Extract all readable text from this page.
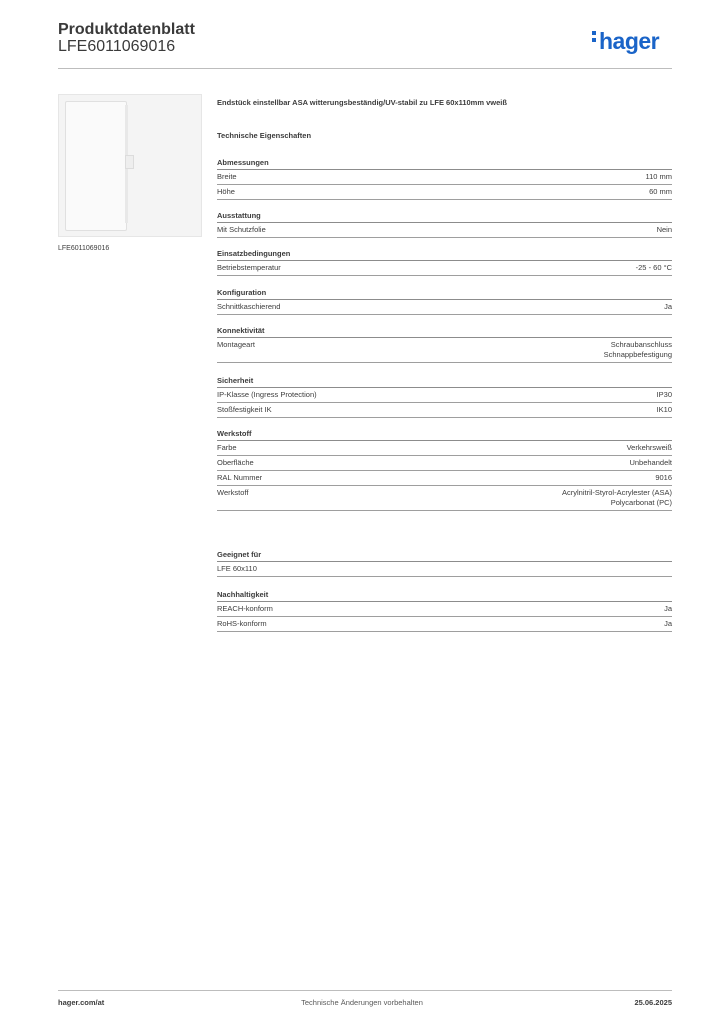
Produktdatenblatt
LFE6011069016	hager
LFE6011069016
Endstück einstellbar ASA witterungsbeständig/UV-stabil zu LFE 60x110mm vweiß
Technische Eigenschaften
Abmessungen
Breite	110 mm
Höhe	60 mm
Ausstattung
Mit Schutzfolie	Nein
Einsatzbedingungen
Betriebstemperatur	-25 - 60 °C
Konfiguration
Schnittkaschierend	Ja
Konnektivität
Montageart	Schraubanschluss
Schnappbefestigung
Sicherheit
IP-Klasse (Ingress Protection)	IP30
Stoßfestigkeit IK	IK10
Werkstoff
Farbe	Verkehrsweiß
Oberfläche	Unbehandelt
RAL Nummer	9016
Werkstoff	Acrylnitril-Styrol-Acrylester (ASA)
Polycarbonat (PC)
Geeignet für
LFE 60x110
Nachhaltigkeit
REACH-konform	Ja
RoHS-konform	Ja
hager.com/at	Technische Änderungen vorbehalten	25.06.2025
